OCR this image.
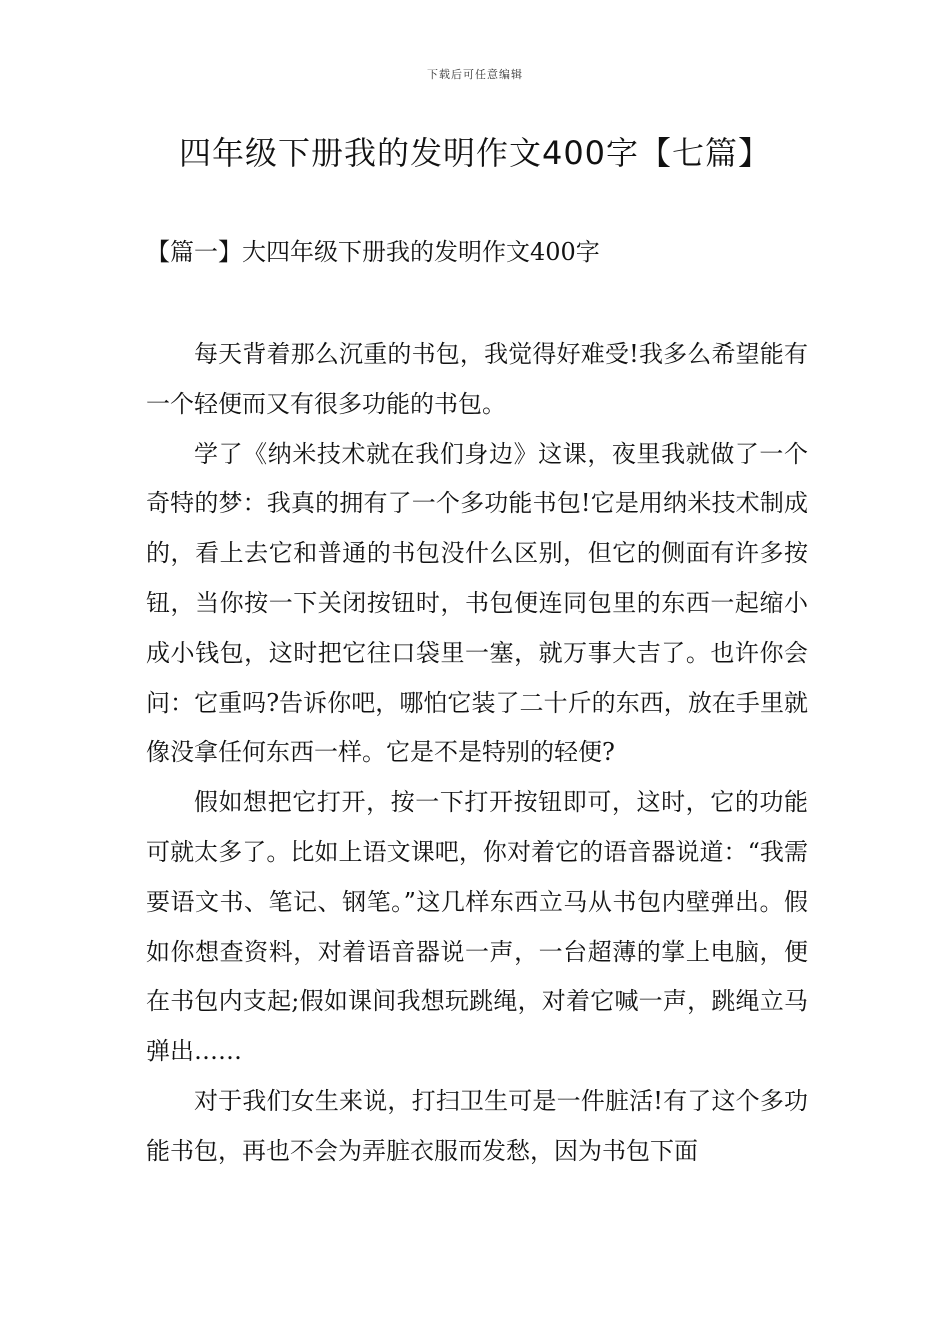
下载后可任意编辑
四年级下册我的发明作文400字【七篇】
【篇一】大四年级下册我的发明作文400字

每天背着那么沉重的书包，我觉得好难受!我多么希望能有一个轻便而又有很多功能的书包。

学了《纳米技术就在我们身边》这课，夜里我就做了一个奇特的梦：我真的拥有了一个多功能书包!它是用纳米技术制成的，看上去它和普通的书包没什么区别，但它的侧面有许多按钮，当你按一下关闭按钮时，书包便连同包里的东西一起缩小成小钱包，这时把它往口袋里一塞，就万事大吉了。也许你会问：它重吗?告诉你吧，哪怕它装了二十斤的东西，放在手里就像没拿任何东西一样。它是不是特别的轻便?

假如想把它打开，按一下打开按钮即可，这时，它的功能可就太多了。比如上语文课吧，你对着它的语音器说道：“我需要语文书、笔记、钢笔。”这几样东西立马从书包内壁弹出。假如你想查资料，对着语音器说一声，一台超薄的掌上电脑，便在书包内支起;假如课间我想玩跳绳，对着它喊一声，跳绳立马弹出……

对于我们女生来说，打扫卫生可是一件脏活!有了这个多功能书包，再也不会为弄脏衣服而发愁，因为书包下面
